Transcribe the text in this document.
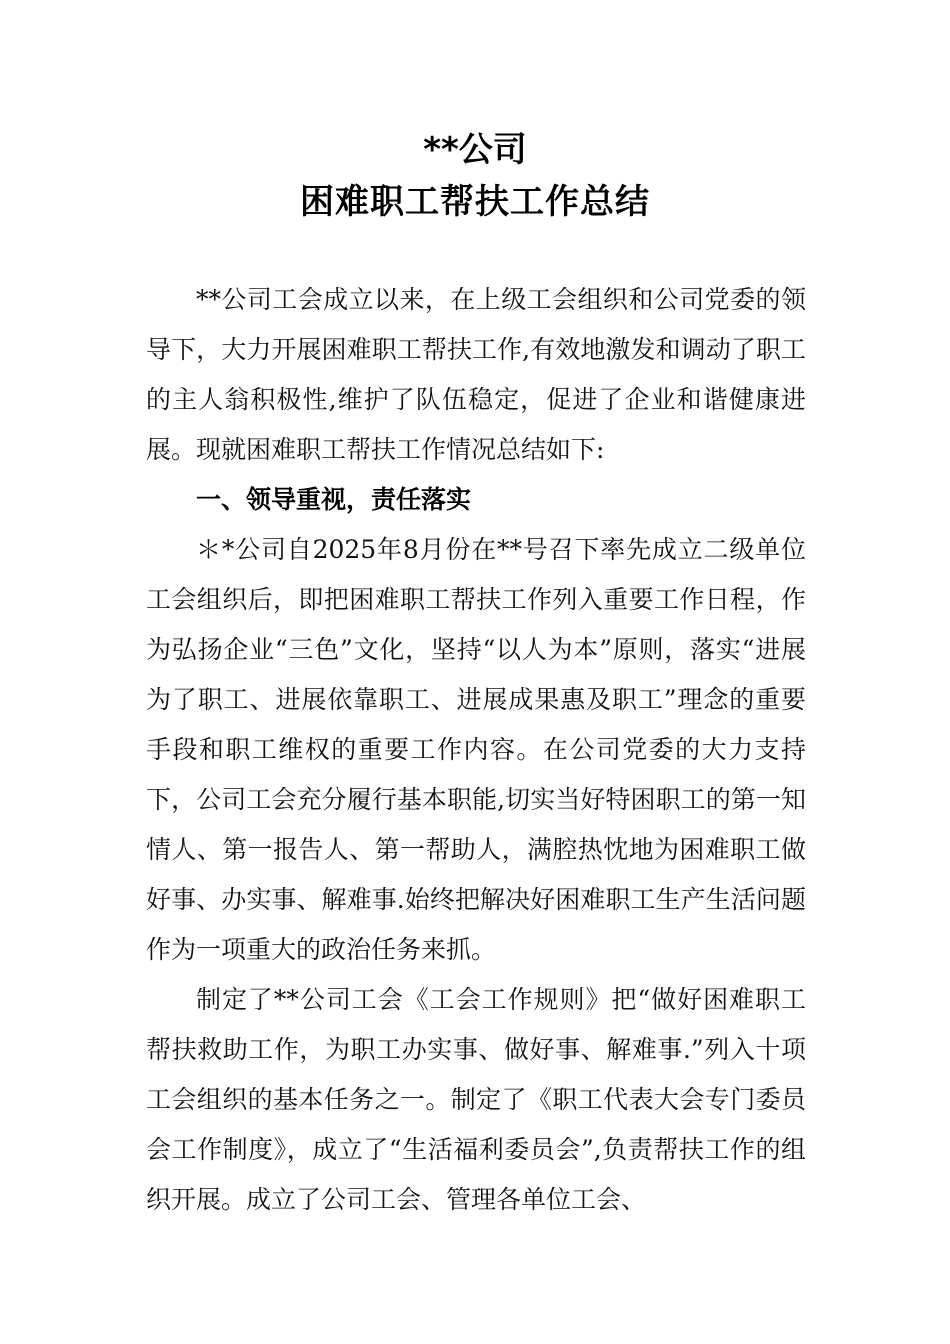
**公司
困难职工帮扶工作总结

**公司工会成立以来，在上级工会组织和公司党委的领导下，大力开展困难职工帮扶工作,有效地激发和调动了职工的主人翁积极性,维护了队伍稳定，促进了企业和谐健康进展。现就困难职工帮扶工作情况总结如下:

一、领导重视，责任落实

＊*公司自2025年8月份在**号召下率先成立二级单位工会组织后，即把困难职工帮扶工作列入重要工作日程，作为弘扬企业“三色”文化，坚持“以人为本”原则，落实“进展为了职工、进展依靠职工、进展成果惠及职工”理念的重要手段和职工维权的重要工作内容。在公司党委的大力支持下，公司工会充分履行基本职能,切实当好特困职工的第一知情人、第一报告人、第一帮助人，满腔热忱地为困难职工做好事、办实事、解难事.始终把解决好困难职工生产生活问题作为一项重大的政治任务来抓。

制定了**公司工会《工会工作规则》把“做好困难职工帮扶救助工作，为职工办实事、做好事、解难事.”列入十项工会组织的基本任务之一。制定了《职工代表大会专门委员会工作制度》，成立了“生活福利委员会”,负责帮扶工作的组织开展。成立了公司工会、管理各单位工会、
